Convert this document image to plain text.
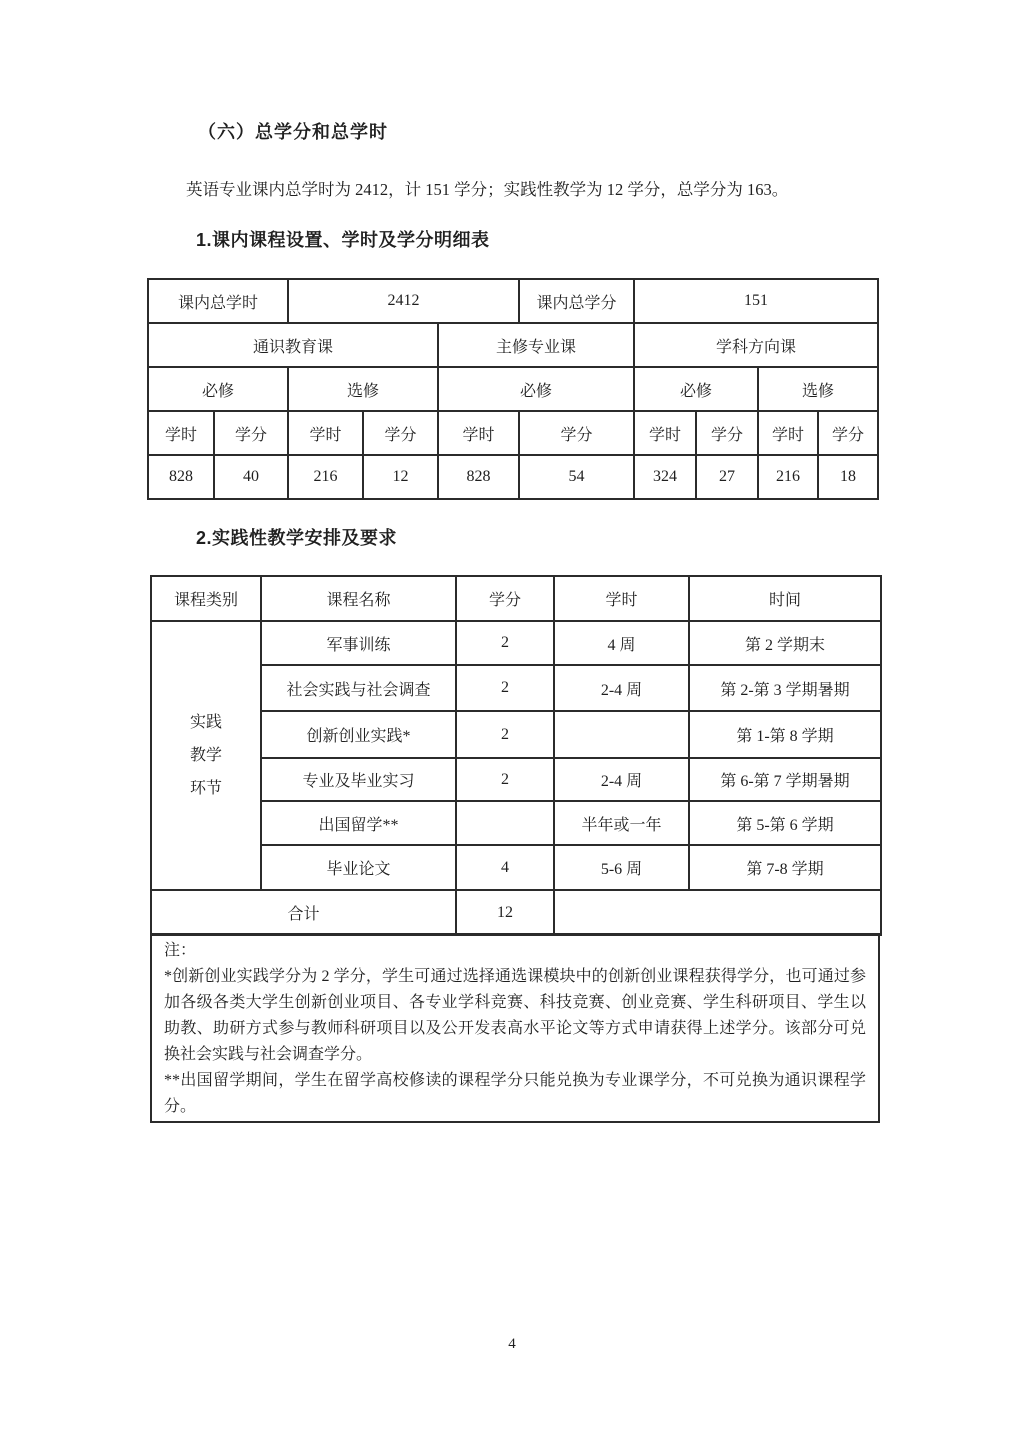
（六）总学分和总学时
英语专业课内总学时为 2412，计 151 学分；实践性教学为 12 学分，总学分为 163。
1.课内课程设置、学时及学分明细表
课内总学时		2412			课内总学分	151			
通识教育课				主修专业课		学科方向课			
必修		选修		必修		必修		选修	
学时	学分	学时	学分	学时	学分	学时	学分	学时	学分
828	40	216	12	828	54	324	27	216	18
2.实践性教学安排及要求
课程类别	课程名称	学分	学时	时间

实践
教学
环节	军事训练	2	4 周	第 2 学期末
	社会实践与社会调查	2	2-4 周	第 2-第 3 学期暑期
	创新创业实践*	2		第 1-第 8 学期
	专业及毕业实习	2	2-4 周	第 6-第 7 学期暑期
	出国留学**		半年或一年	第 5-第 6 学期
	毕业论文	4	5-6 周	第 7-8 学期
合计		12		

注：

*创新创业实践学分为 2 学分，学生可通过选择通选课模块中的创新创业课程获得学分，也可通过参加各级各类大学生创新创业项目、各专业学科竞赛、科技竞赛、创业竞赛、学生科研项目、学生以助教、助研方式参与教师科研项目以及公开发表高水平论文等方式申请获得上述学分。该部分可兑换社会实践与社会调查学分。

**出国留学期间，学生在留学高校修读的课程学分只能兑换为专业课学分，不可兑换为通识课程学分。

4
